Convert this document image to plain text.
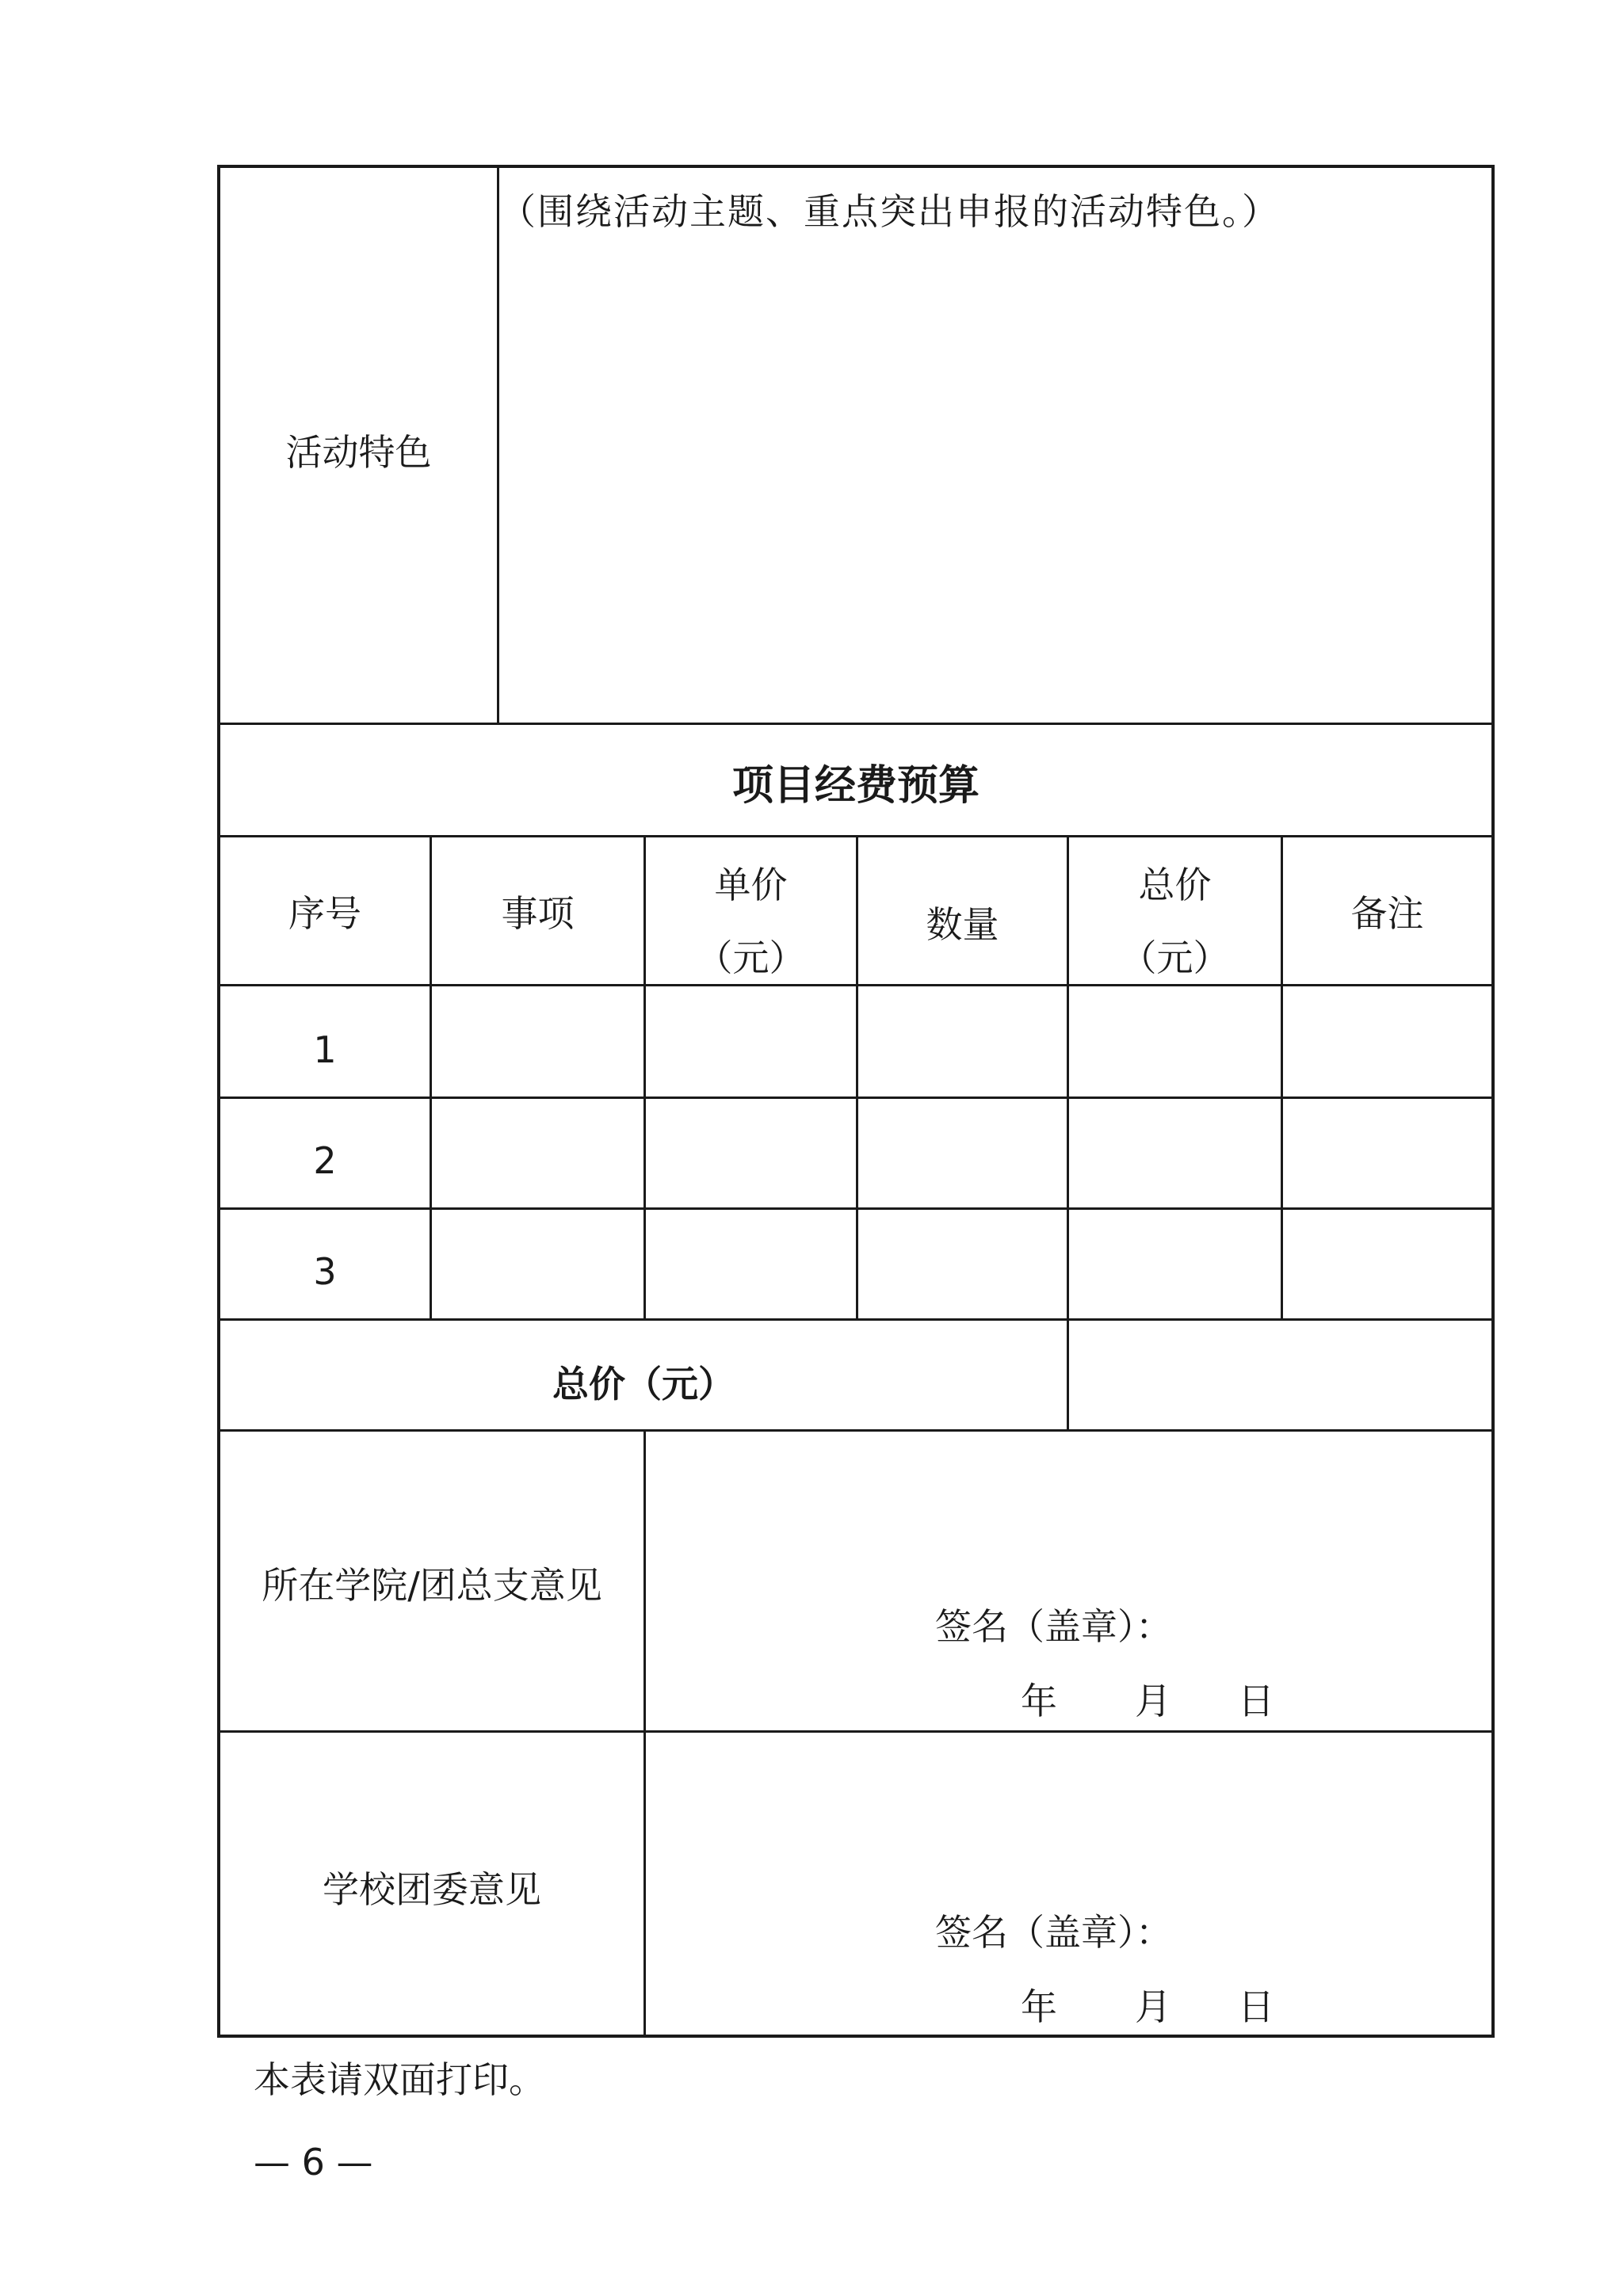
活动特色
（围绕活动主题、重点突出申报的活动特色。）
项目经费预算
序号	事项
单价
（元）
数量
总价
（元）
备注
1
2
3
总价（元）
所在学院/团总支意见
签名（盖章）：
年 月 日
学校团委意见
签名（盖章）：
年 月 日
本表请双面打印。
— 6 —
